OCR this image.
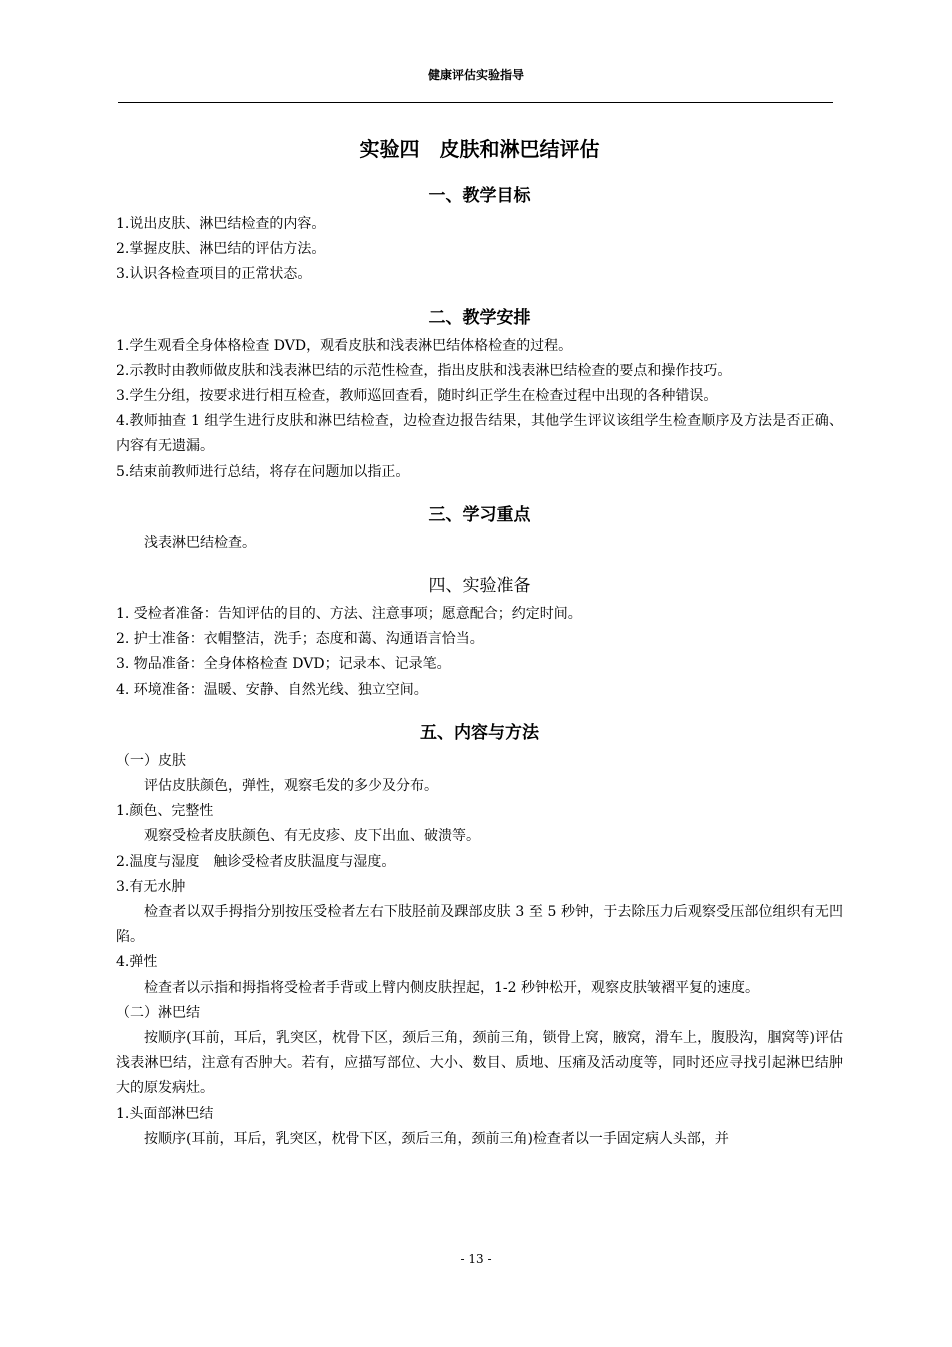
健康评估实验指导
实验四　皮肤和淋巴结评估
一、教学目标

1.说出皮肤、淋巴结检查的内容。

2.掌握皮肤、淋巴结的评估方法。

3.认识各检查项目的正常状态。

二、教学安排

1.学生观看全身体格检查 DVD，观看皮肤和浅表淋巴结体格检查的过程。

2.示教时由教师做皮肤和浅表淋巴结的示范性检查，指出皮肤和浅表淋巴结检查的要点和操作技巧。

3.学生分组，按要求进行相互检查，教师巡回查看，随时纠正学生在检查过程中出现的各种错误。

4.教师抽查 1 组学生进行皮肤和淋巴结检查，边检查边报告结果，其他学生评议该组学生检查顺序及方法是否正确、内容有无遗漏。

5.结束前教师进行总结，将存在问题加以指正。

三、学习重点

浅表淋巴结检查。

四、实验准备

1. 受检者准备：告知评估的目的、方法、注意事项；愿意配合；约定时间。

2. 护士准备：衣帽整洁，洗手；态度和蔼、沟通语言恰当。

3. 物品准备：全身体格检查 DVD；记录本、记录笔。

4. 环境准备：温暖、安静、自然光线、独立空间。

五、内容与方法

（一）皮肤

评估皮肤颜色，弹性，观察毛发的多少及分布。

1.颜色、完整性

观察受检者皮肤颜色、有无皮疹、皮下出血、破溃等。

2.温度与湿度　触诊受检者皮肤温度与湿度。

3.有无水肿

检查者以双手拇指分别按压受检者左右下肢胫前及踝部皮肤 3 至 5 秒钟，于去除压力后观察受压部位组织有无凹陷。

4.弹性

检查者以示指和拇指将受检者手背或上臂内侧皮肤捏起，1-2 秒钟松开，观察皮肤皱褶平复的速度。

（二）淋巴结

按顺序(耳前，耳后，乳突区，枕骨下区，颈后三角，颈前三角，锁骨上窝，腋窝，滑车上，腹股沟，腘窝等)评估浅表淋巴结，注意有否肿大。若有，应描写部位、大小、数目、质地、压痛及活动度等，同时还应寻找引起淋巴结肿大的原发病灶。

1.头面部淋巴结

按顺序(耳前，耳后，乳突区，枕骨下区，颈后三角，颈前三角)检查者以一手固定病人头部，并

- 13 -
